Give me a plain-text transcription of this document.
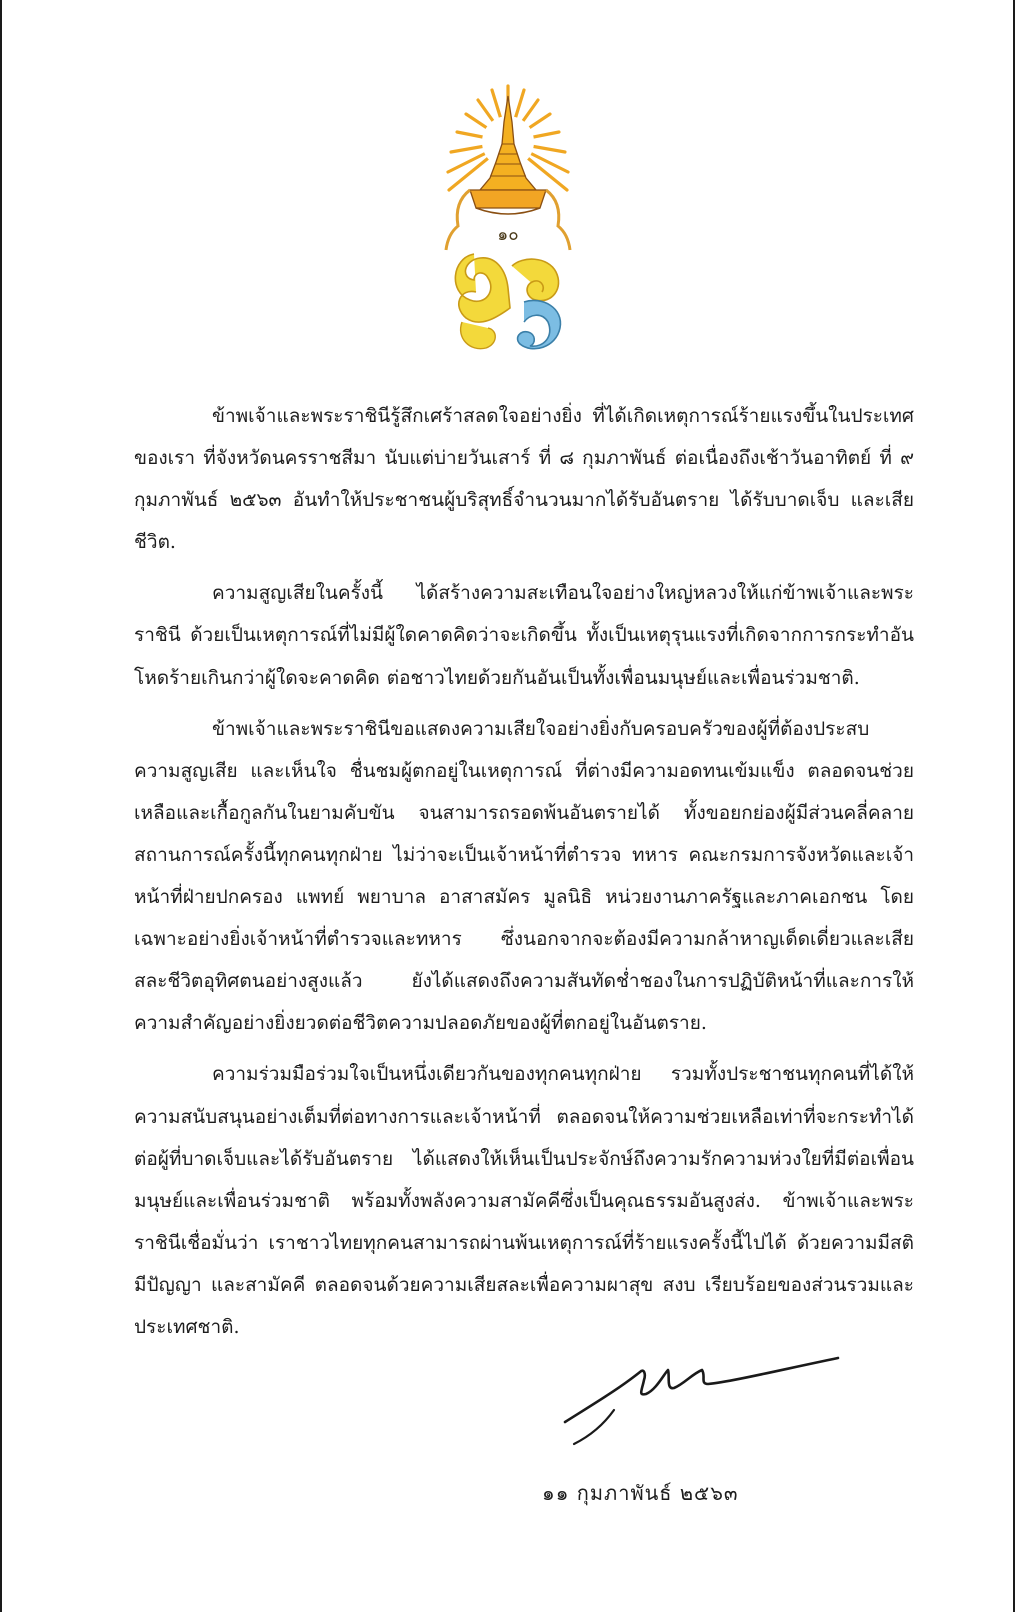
๑๐

ข้าพเจ้าและพระราชินีรู้สึกเศร้าสลดใจอย่างยิ่ง ที่ได้เกิดเหตุการณ์ร้ายแรงขึ้นในประเทศของเรา ที่จังหวัดนครราชสีมา นับแต่บ่ายวันเสาร์ ที่ ๘ กุมภาพันธ์ ต่อเนื่องถึงเช้าวันอาทิตย์ ที่ ๙ กุมภาพันธ์ ๒๕๖๓ อันทำให้ประชาชนผู้บริสุทธิ์จำนวนมากได้รับอันตราย ได้รับบาดเจ็บ และเสียชีวิต.

ความสูญเสียในครั้งนี้ ได้สร้างความสะเทือนใจอย่างใหญ่หลวงให้แก่ข้าพเจ้าและพระราชินี ด้วยเป็นเหตุการณ์ที่ไม่มีผู้ใดคาดคิดว่าจะเกิดขึ้น ทั้งเป็นเหตุรุนแรงที่เกิดจากการกระทำอันโหดร้ายเกินกว่าผู้ใดจะคาดคิด ต่อชาวไทยด้วยกันอันเป็นทั้งเพื่อนมนุษย์และเพื่อนร่วมชาติ.

ข้าพเจ้าและพระราชินีขอแสดงความเสียใจอย่างยิ่งกับครอบครัวของผู้ที่ต้องประสบความสูญเสีย และเห็นใจ ชื่นชมผู้ตกอยู่ในเหตุการณ์ ที่ต่างมีความอดทนเข้มแข็ง ตลอดจนช่วยเหลือและเกื้อกูลกันในยามคับขัน จนสามารถรอดพ้นอันตรายได้ ทั้งขอยกย่องผู้มีส่วนคลี่คลายสถานการณ์ครั้งนี้ทุกคนทุกฝ่าย ไม่ว่าจะเป็นเจ้าหน้าที่ตำรวจ ทหาร คณะกรมการจังหวัดและเจ้าหน้าที่ฝ่ายปกครอง แพทย์ พยาบาล อาสาสมัคร มูลนิธิ หน่วยงานภาครัฐและภาคเอกชน โดยเฉพาะอย่างยิ่งเจ้าหน้าที่ตำรวจและทหาร ซึ่งนอกจากจะต้องมีความกล้าหาญเด็ดเดี่ยวและเสียสละชีวิตอุทิศตนอย่างสูงแล้ว ยังได้แสดงถึงความสันทัดช่ำชองในการปฏิบัติหน้าที่และการให้ความสำคัญอย่างยิ่งยวดต่อชีวิตความปลอดภัยของผู้ที่ตกอยู่ในอันตราย.

ความร่วมมือร่วมใจเป็นหนึ่งเดียวกันของทุกคนทุกฝ่าย รวมทั้งประชาชนทุกคนที่ได้ให้ความสนับสนุนอย่างเต็มที่ต่อทางการและเจ้าหน้าที่ ตลอดจนให้ความช่วยเหลือเท่าที่จะกระทำได้ต่อผู้ที่บาดเจ็บและได้รับอันตราย ได้แสดงให้เห็นเป็นประจักษ์ถึงความรักความห่วงใยที่มีต่อเพื่อนมนุษย์และเพื่อนร่วมชาติ พร้อมทั้งพลังความสามัคคีซึ่งเป็นคุณธรรมอันสูงส่ง. ข้าพเจ้าและพระราชินีเชื่อมั่นว่า เราชาวไทยทุกคนสามารถผ่านพ้นเหตุการณ์ที่ร้ายแรงครั้งนี้ไปได้ ด้วยความมีสติ มีปัญญา และสามัคคี ตลอดจนด้วยความเสียสละเพื่อความผาสุข สงบ เรียบร้อยของส่วนรวมและประเทศชาติ.

๑๑ กุมภาพันธ์ ๒๕๖๓
